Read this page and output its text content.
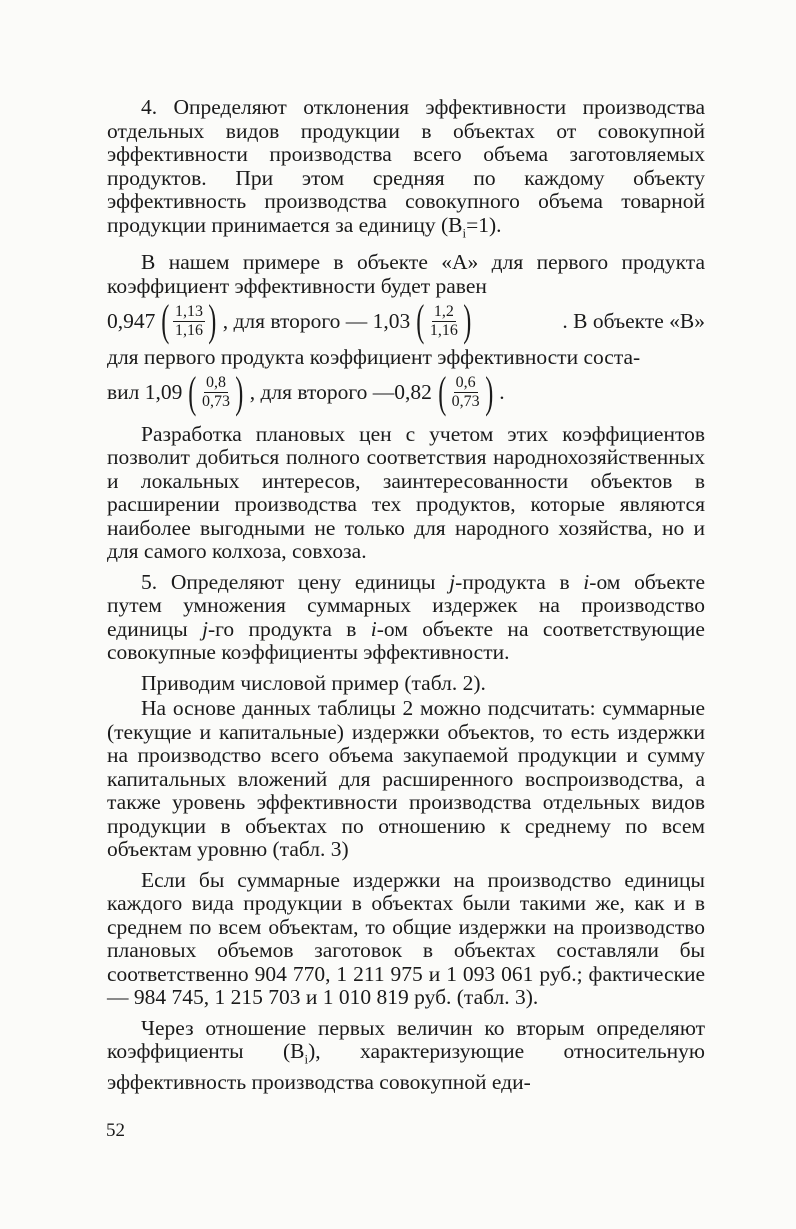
4. Определяют отклонения эффективности производства отдельных видов продукции в объектах от совокупной эффективности производства всего объема заготовляемых продуктов. При этом средняя по каждому объекту эффективность производства совокупного объема товарной продукции принимается за единицу $(B_i=1)$.

В нашем примере в объекте «А» для первого продукта коэффициент эффективности будет равен
0,947 ( $\frac{1,13}{1,16}$ ) , для второго — 1,03 ( $\frac{1,2}{1,16}$ )	. В объекте «В»
для первого продукта коэффициент эффективности соста-
вил 1,09 ( $\frac{0,8}{0,73}$ ) , для второго —0,82 ( $\frac{0,6}{0,73}$ ) .

Разработка плановых цен с учетом этих коэффициентов позволит добиться полного соответствия народнохозяйственных и локальных интересов, заинтересованности объектов в расширении производства тех продуктов, которые являются наиболее выгодными не только для народного хозяйства, но и для самого колхоза, совхоза.

5. Определяют цену единицы j-продукта в i-ом объекте путем умножения суммарных издержек на производство единицы j-го продукта в i-ом объекте на соответствующие совокупные коэффициенты эффективности.

Приводим числовой пример (табл. 2).

На основе данных таблицы 2 можно подсчитать: суммарные (текущие и капитальные) издержки объектов, то есть издержки на производство всего объема закупаемой продукции и сумму капитальных вложений для расширенного воспроизводства, а также уровень эффективности производства отдельных видов продукции в объектах по отношению к среднему по всем объектам уровню (табл. 3)

Если бы суммарные издержки на производство единицы каждого вида продукции в объектах были такими же, как и в среднем по всем объектам, то общие издержки на производство плановых объемов заготовок в объектах составляли бы соответственно 904 770, 1 211 975 и 1 093 061 руб.; фактические — 984 745, 1 215 703 и 1 010 819 руб. (табл. 3).

Через отношение первых величин ко вторым определяют коэффициенты $(B_i)$, характеризующие относительную эффективность производства совокупной еди-

52
